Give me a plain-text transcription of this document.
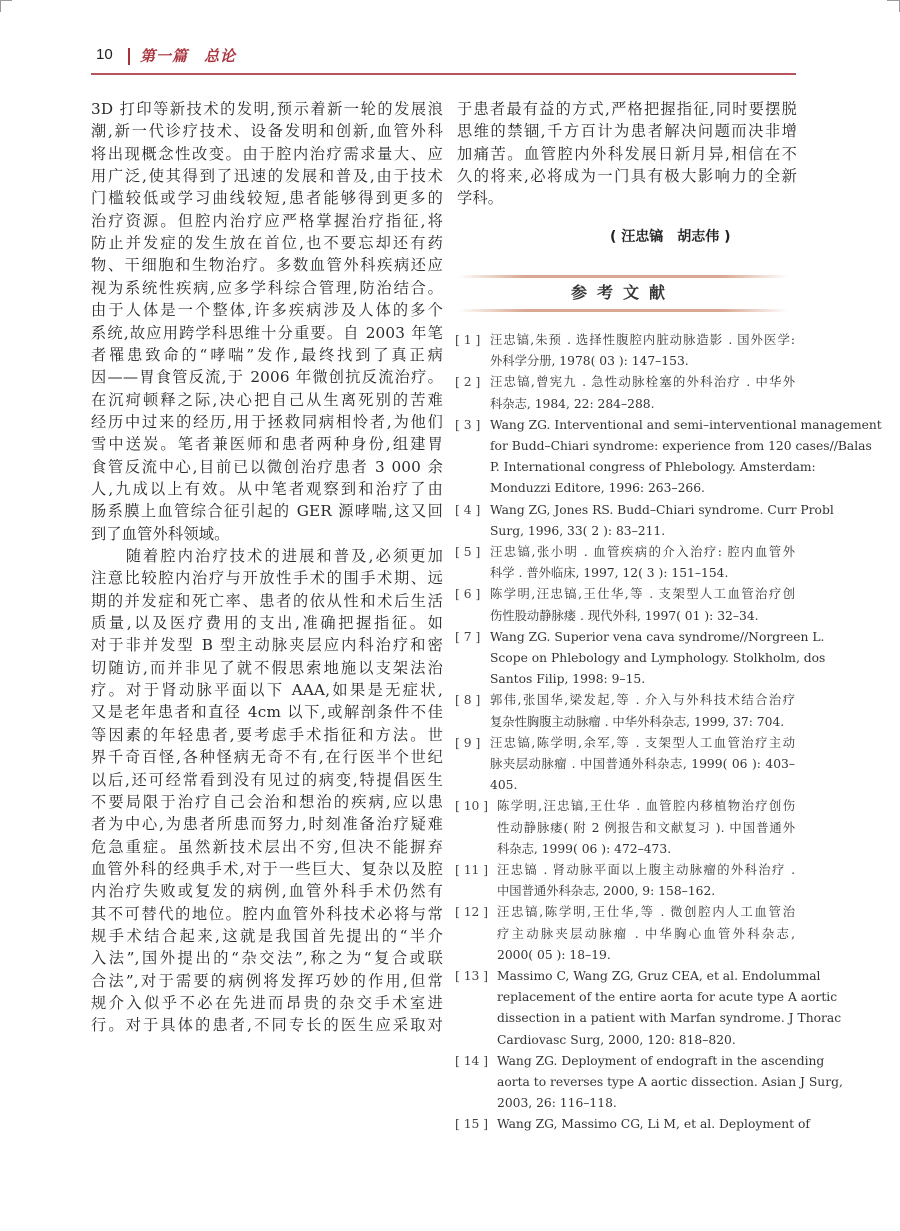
10 第一篇　总论
3D 打印等新技术的发明,预示着新一轮的发展浪
潮,新一代诊疗技术、设备发明和创新,血管外科
将出现概念性改变。由于腔内治疗需求量大、应
用广泛,使其得到了迅速的发展和普及,由于技术
门槛较低或学习曲线较短,患者能够得到更多的
治疗资源。但腔内治疗应严格掌握治疗指征,将
防止并发症的发生放在首位,也不要忘却还有药
物、干细胞和生物治疗。多数血管外科疾病还应
视为系统性疾病,应多学科综合管理,防治结合。
由于人体是一个整体,许多疾病涉及人体的多个
系统,故应用跨学科思维十分重要。自 2003 年笔
者罹患致命的“哮喘”发作,最终找到了真正病
因——胃食管反流,于 2006 年微创抗反流治疗。
在沉疴顿释之际,决心把自己从生离死别的苦难
经历中过来的经历,用于拯救同病相怜者,为他们
雪中送炭。笔者兼医师和患者两种身份,组建胃
食管反流中心,目前已以微创治疗患者 3 000 余
人,九成以上有效。从中笔者观察到和治疗了由
肠系膜上血管综合征引起的 GER 源哮喘,这又回
到了血管外科领域。
　　随着腔内治疗技术的进展和普及,必须更加
注意比较腔内治疗与开放性手术的围手术期、远
期的并发症和死亡率、患者的依从性和术后生活
质量,以及医疗费用的支出,准确把握指征。如
对于非并发型 B 型主动脉夹层应内科治疗和密
切随访,而并非见了就不假思索地施以支架法治
疗。对于肾动脉平面以下 AAA,如果是无症状,
又是老年患者和直径 4cm 以下,或解剖条件不佳
等因素的年轻患者,要考虑手术指征和方法。世
界千奇百怪,各种怪病无奇不有,在行医半个世纪
以后,还可经常看到没有见过的病变,特提倡医生
不要局限于治疗自己会治和想治的疾病,应以患
者为中心,为患者所患而努力,时刻准备治疗疑难
危急重症。虽然新技术层出不穷,但决不能摒弃
血管外科的经典手术,对于一些巨大、复杂以及腔
内治疗失败或复发的病例,血管外科手术仍然有
其不可替代的地位。腔内血管外科技术必将与常
规手术结合起来,这就是我国首先提出的“半介
入法”,国外提出的“杂交法”,称之为“复合或联
合法”,对于需要的病例将发挥巧妙的作用,但常
规介入似乎不必在先进而昂贵的杂交手术室进
行。对于具体的患者,不同专长的医生应采取对
于患者最有益的方式,严格把握指征,同时要摆脱
思维的禁锢,千方百计为患者解决问题而决非增
加痛苦。血管腔内外科发展日新月异,相信在不
久的将来,必将成为一门具有极大影响力的全新
学科。
( 汪忠镐　胡志伟 )
参考文献
[ 1 ] 汪忠镐,朱预 . 选择性腹腔内脏动脉造影 . 国外医学:
外科学分册, 1978( 03 ): 147–153.
[ 2 ] 汪忠镐,曾宪九 . 急性动脉栓塞的外科治疗 . 中华外
科杂志, 1984, 22: 284–288.
[ 3 ] Wang ZG. Interventional and semi–interventional management
for Budd–Chiari syndrome: experience from 120 cases//Balas
P. International congress of Phlebology. Amsterdam:
Monduzzi Editore, 1996: 263–266.
[ 4 ] Wang ZG, Jones RS. Budd–Chiari syndrome. Curr Probl
Surg, 1996, 33( 2 ): 83–211.
[ 5 ] 汪忠镐,张小明 . 血管疾病的介入治疗: 腔内血管外
科学 . 普外临床, 1997, 12( 3 ): 151–154.
[ 6 ] 陈学明,汪忠镐,王仕华,等 . 支架型人工血管治疗创
伤性股动静脉瘘 . 现代外科, 1997( 01 ): 32–34.
[ 7 ] Wang ZG. Superior vena cava syndrome//Norgreen L.
Scope on Phlebology and Lymphology. Stolkholm, dos
Santos Filip, 1998: 9–15.
[ 8 ] 郭伟,张国华,梁发起,等 . 介入与外科技术结合治疗
复杂性胸腹主动脉瘤 . 中华外科杂志, 1999, 37: 704.
[ 9 ] 汪忠镐,陈学明,余军,等 . 支架型人工血管治疗主动
脉夹层动脉瘤 . 中国普通外科杂志, 1999( 06 ): 403–
405.
[ 10 ] 陈学明,汪忠镐,王仕华 . 血管腔内移植物治疗创伤
性动静脉瘘( 附 2 例报告和文献复习 ). 中国普通外
科杂志, 1999( 06 ): 472–473.
[ 11 ] 汪忠镐 . 肾动脉平面以上腹主动脉瘤的外科治疗 .
中国普通外科杂志, 2000, 9: 158–162.
[ 12 ] 汪忠镐,陈学明,王仕华,等 . 微创腔内人工血管治
疗主动脉夹层动脉瘤 . 中华胸心血管外科杂志,
2000( 05 ): 18–19.
[ 13 ] Massimo C, Wang ZG, Gruz CEA, et al. Endolummal
replacement of the entire aorta for acute type A aortic
dissection in a patient with Marfan syndrome. J Thorac
Cardiovasc Surg, 2000, 120: 818–820.
[ 14 ] Wang ZG. Deployment of endograft in the ascending
aorta to reverses type A aortic dissection. Asian J Surg,
2003, 26: 116–118.
[ 15 ] Wang ZG, Massimo CG, Li M, et al. Deployment of
